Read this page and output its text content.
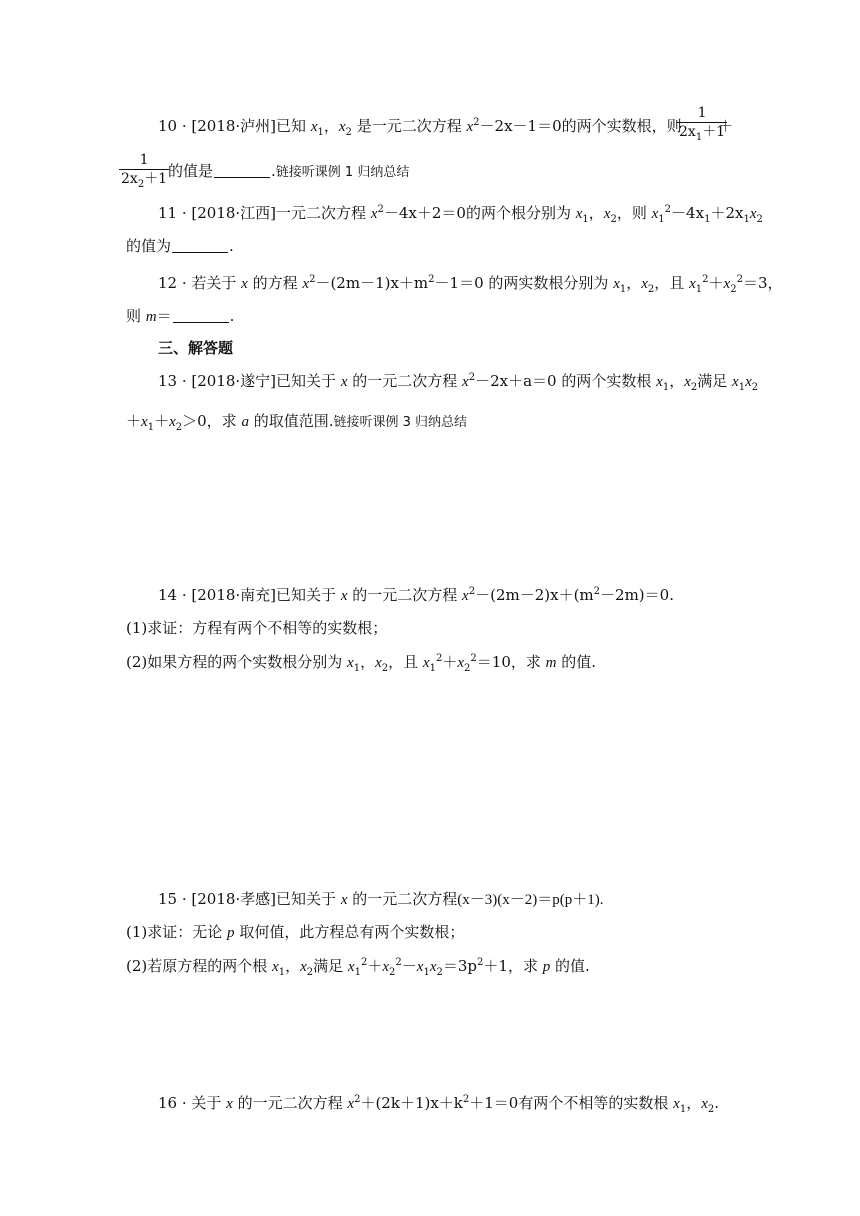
10 · [2018·泸州]已知 $x_1$，$x_2$ 是一元二次方程 $x^2-2x-1=0$的两个实数根，则
$\frac{1}{2x_1+1}$
＋
$\frac{1}{2x_2+1}$
的值是	.链接听课例 1 归纳总结
11 · [2018·江西]一元二次方程 $x^2-4x+2=0$的两个根分别为 $x_1$，$x_2$，则 $x_1^2-4x_1+2x_1x_2$
的值为	.
12 · 若关于 x 的方程 $x^2-(2m-1)x+m^2-1=0$ 的两实数根分别为 $x_1$，$x_2$，且 $x_1^2+x_2^2=3$，
则 m＝	.
三、解答题
13 · [2018·遂宁]已知关于 x 的一元二次方程 $x^2-2x+a=0$ 的两个实数根 $x_1$，$x_2$满足 $x_1x_2$
$+x_1+x_2>0$，求 a 的取值范围.链接听课例 3 归纳总结
14 · [2018·南充]已知关于 x 的一元二次方程 $x^2-(2m-2)x+(m^2-2m)=0$.
(1)求证：方程有两个不相等的实数根；
(2)如果方程的两个实数根分别为 $x_1$，$x_2$，且 $x_1^2+x_2^2=10$，求 m 的值.
15 · [2018·孝感]已知关于 x 的一元二次方程(x－3)(x－2)＝p(p＋1).
(1)求证：无论 p 取何值，此方程总有两个实数根；
(2)若原方程的两个根 $x_1$，$x_2$满足 $x_1^2+x_2^2-x_1x_2=3p^2+1$，求 p 的值.
16 · 关于 x 的一元二次方程 $x^2+(2k+1)x+k^2+1=0$有两个不相等的实数根 $x_1$，$x_2$.
